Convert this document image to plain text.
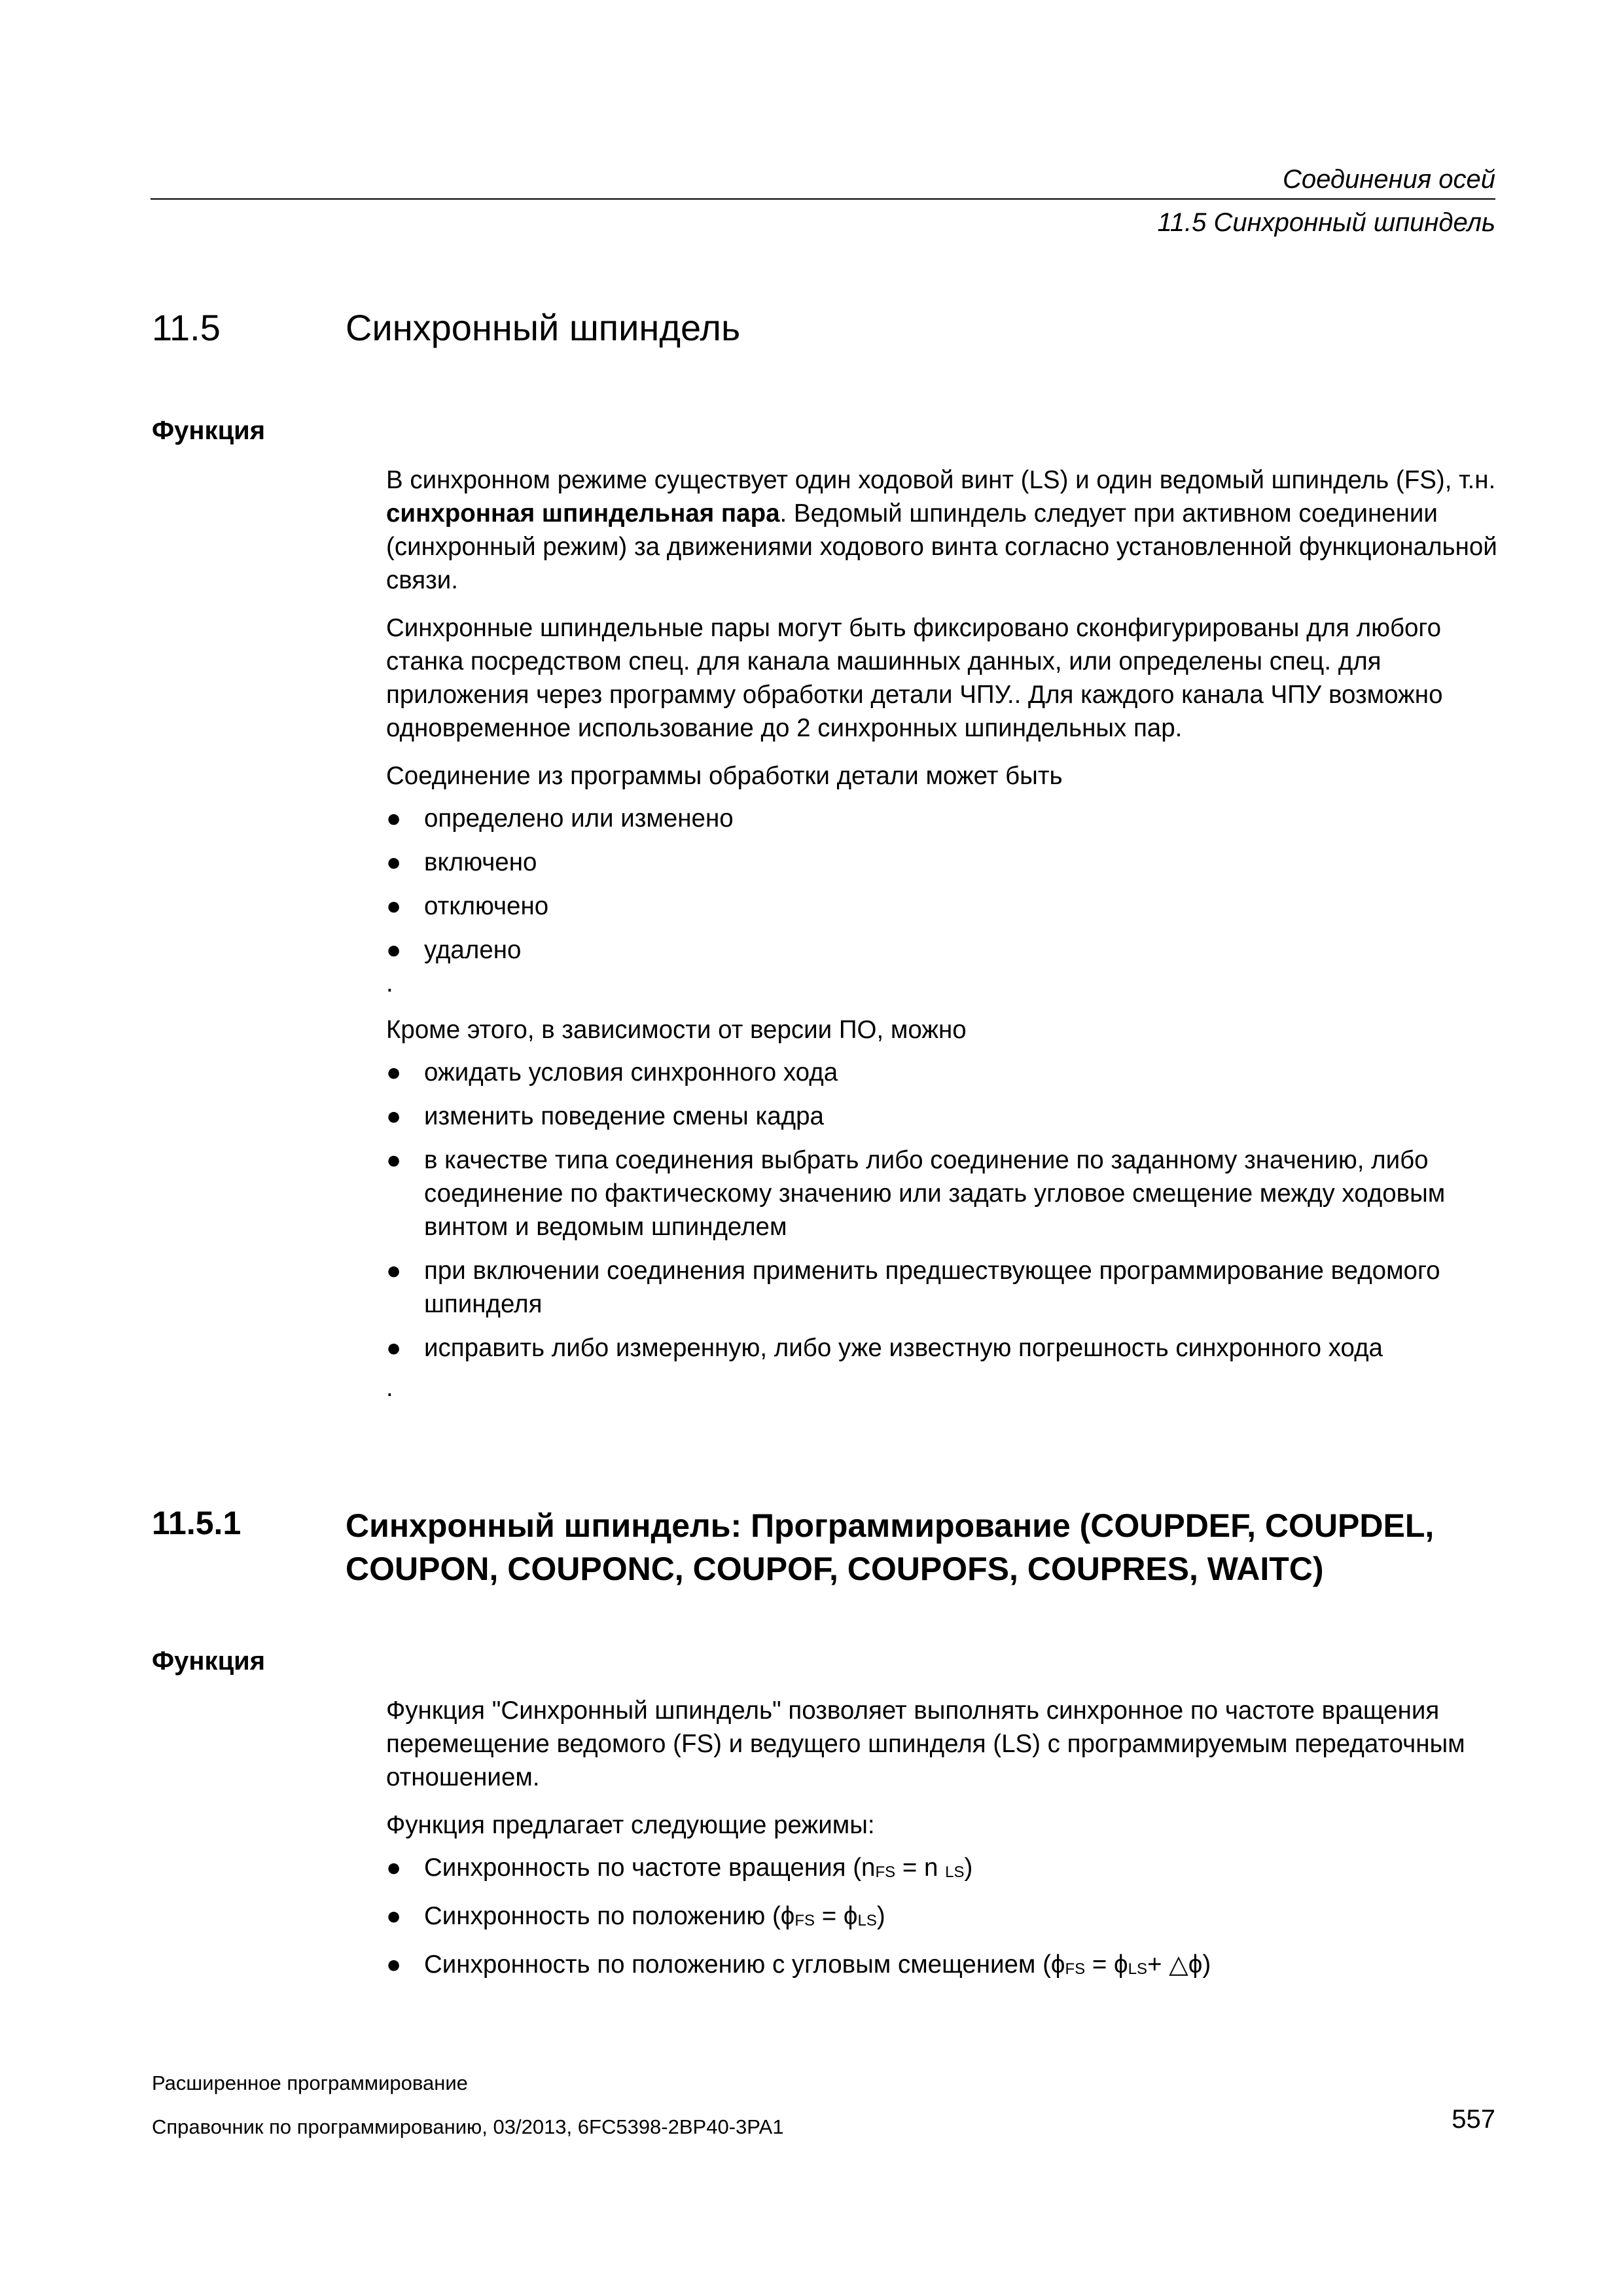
Соединения осей
11.5 Синхронный шпиндель
11.5	Синхронный шпиндель
Функция

В синхронном режиме существует один ходовой винт (LS) и один ведомый шпиндель (FS), т.н. синхронная шпиндельная пара. Ведомый шпиндель следует при активном соединении (синхронный режим) за движениями ходового винта согласно установленной функциональной связи.

Синхронные шпиндельные пары могут быть фиксировано сконфигурированы для любого станка посредством спец. для канала машинных данных, или определены спец. для приложения через программу обработки детали ЧПУ.. Для каждого канала ЧПУ возможно одновременное использование до 2 синхронных шпиндельных пар.

Соединение из программы обработки детали может быть

● определено или изменено
● включено
● отключено
● удалено
.

Кроме этого, в зависимости от версии ПО, можно

● ожидать условия синхронного хода
● изменить поведение смены кадра
● в качестве типа соединения выбрать либо соединение по заданному значению, либо соединение по фактическому значению или задать угловое смещение между ходовым винтом и ведомым шпинделем
● при включении соединения применить предшествующее программирование ведомого шпинделя
● исправить либо измеренную, либо уже известную погрешность синхронного хода
.
11.5.1	Синхронный шпиндель: Программирование (COUPDEF, COUPDEL, COUPON, COUPONC, COUPOF, COUPOFS, COUPRES, WAITC)
Функция

Функция "Синхронный шпиндель" позволяет выполнять синхронное по частоте вращения перемещение ведомого (FS) и ведущего шпинделя (LS) с программируемым передаточным отношением.

Функция предлагает следующие режимы:

● Синхронность по частоте вращения (nFS = n LS)
● Синхронность по положению (ϕFS = ϕLS)
● Синхронность по положению с угловым смещением (ϕFS = ϕLS+ △ϕ)
Расширенное программирование
Справочник по программированию, 03/2013, 6FC5398-2BP40-3PA1	557
